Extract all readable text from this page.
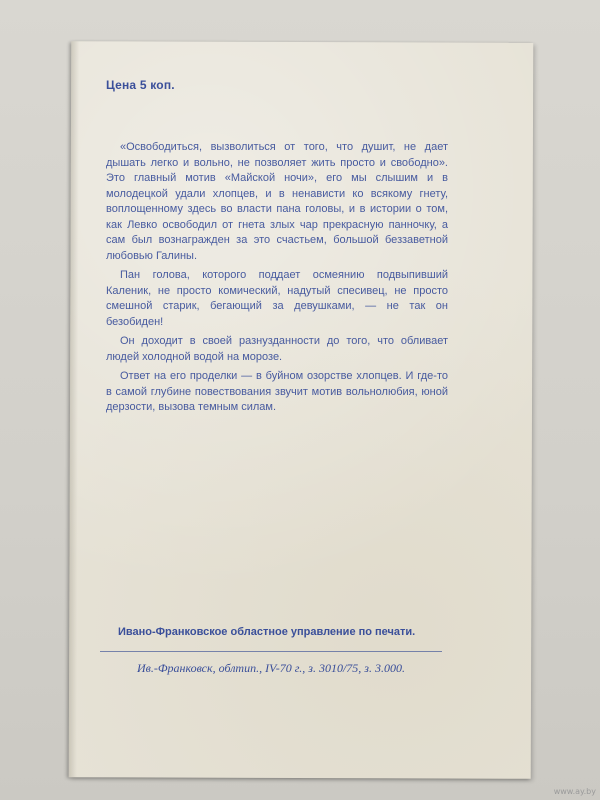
Цена 5 коп.

«Освободиться, вызволиться от того, что душит, не дает дышать легко и вольно, не позволяет жить просто и свободно». Это главный мотив «Майской ночи», его мы слышим и в молодецкой удали хлопцев, и в ненависти ко всякому гнету, воплощенному здесь во власти пана головы, и в истории о том, как Левко освободил от гнета злых чар прекрасную панночку, а сам был вознагражден за это счастьем, большой беззаветной любовью Галины.

Пан голова, которого поддает осмеянию подвыпивший Каленик, не просто комический, надутый спесивец, не просто смешной старик, бегающий за девушками, — не так он безобиден!

Он доходит в своей разнузданности до того, что обливает людей холодной водой на морозе.

Ответ на его проделки — в буйном озорстве хлопцев. И где-то в самой глубине повествования звучит мотив вольнолюбия, юной дерзости, вызова темным силам.

Ивано-Франковское областное управление по печати.
Ив.-Франковск, облтип., IV-70 г., з. 3010/75, з. 3.000.
www.ay.by
